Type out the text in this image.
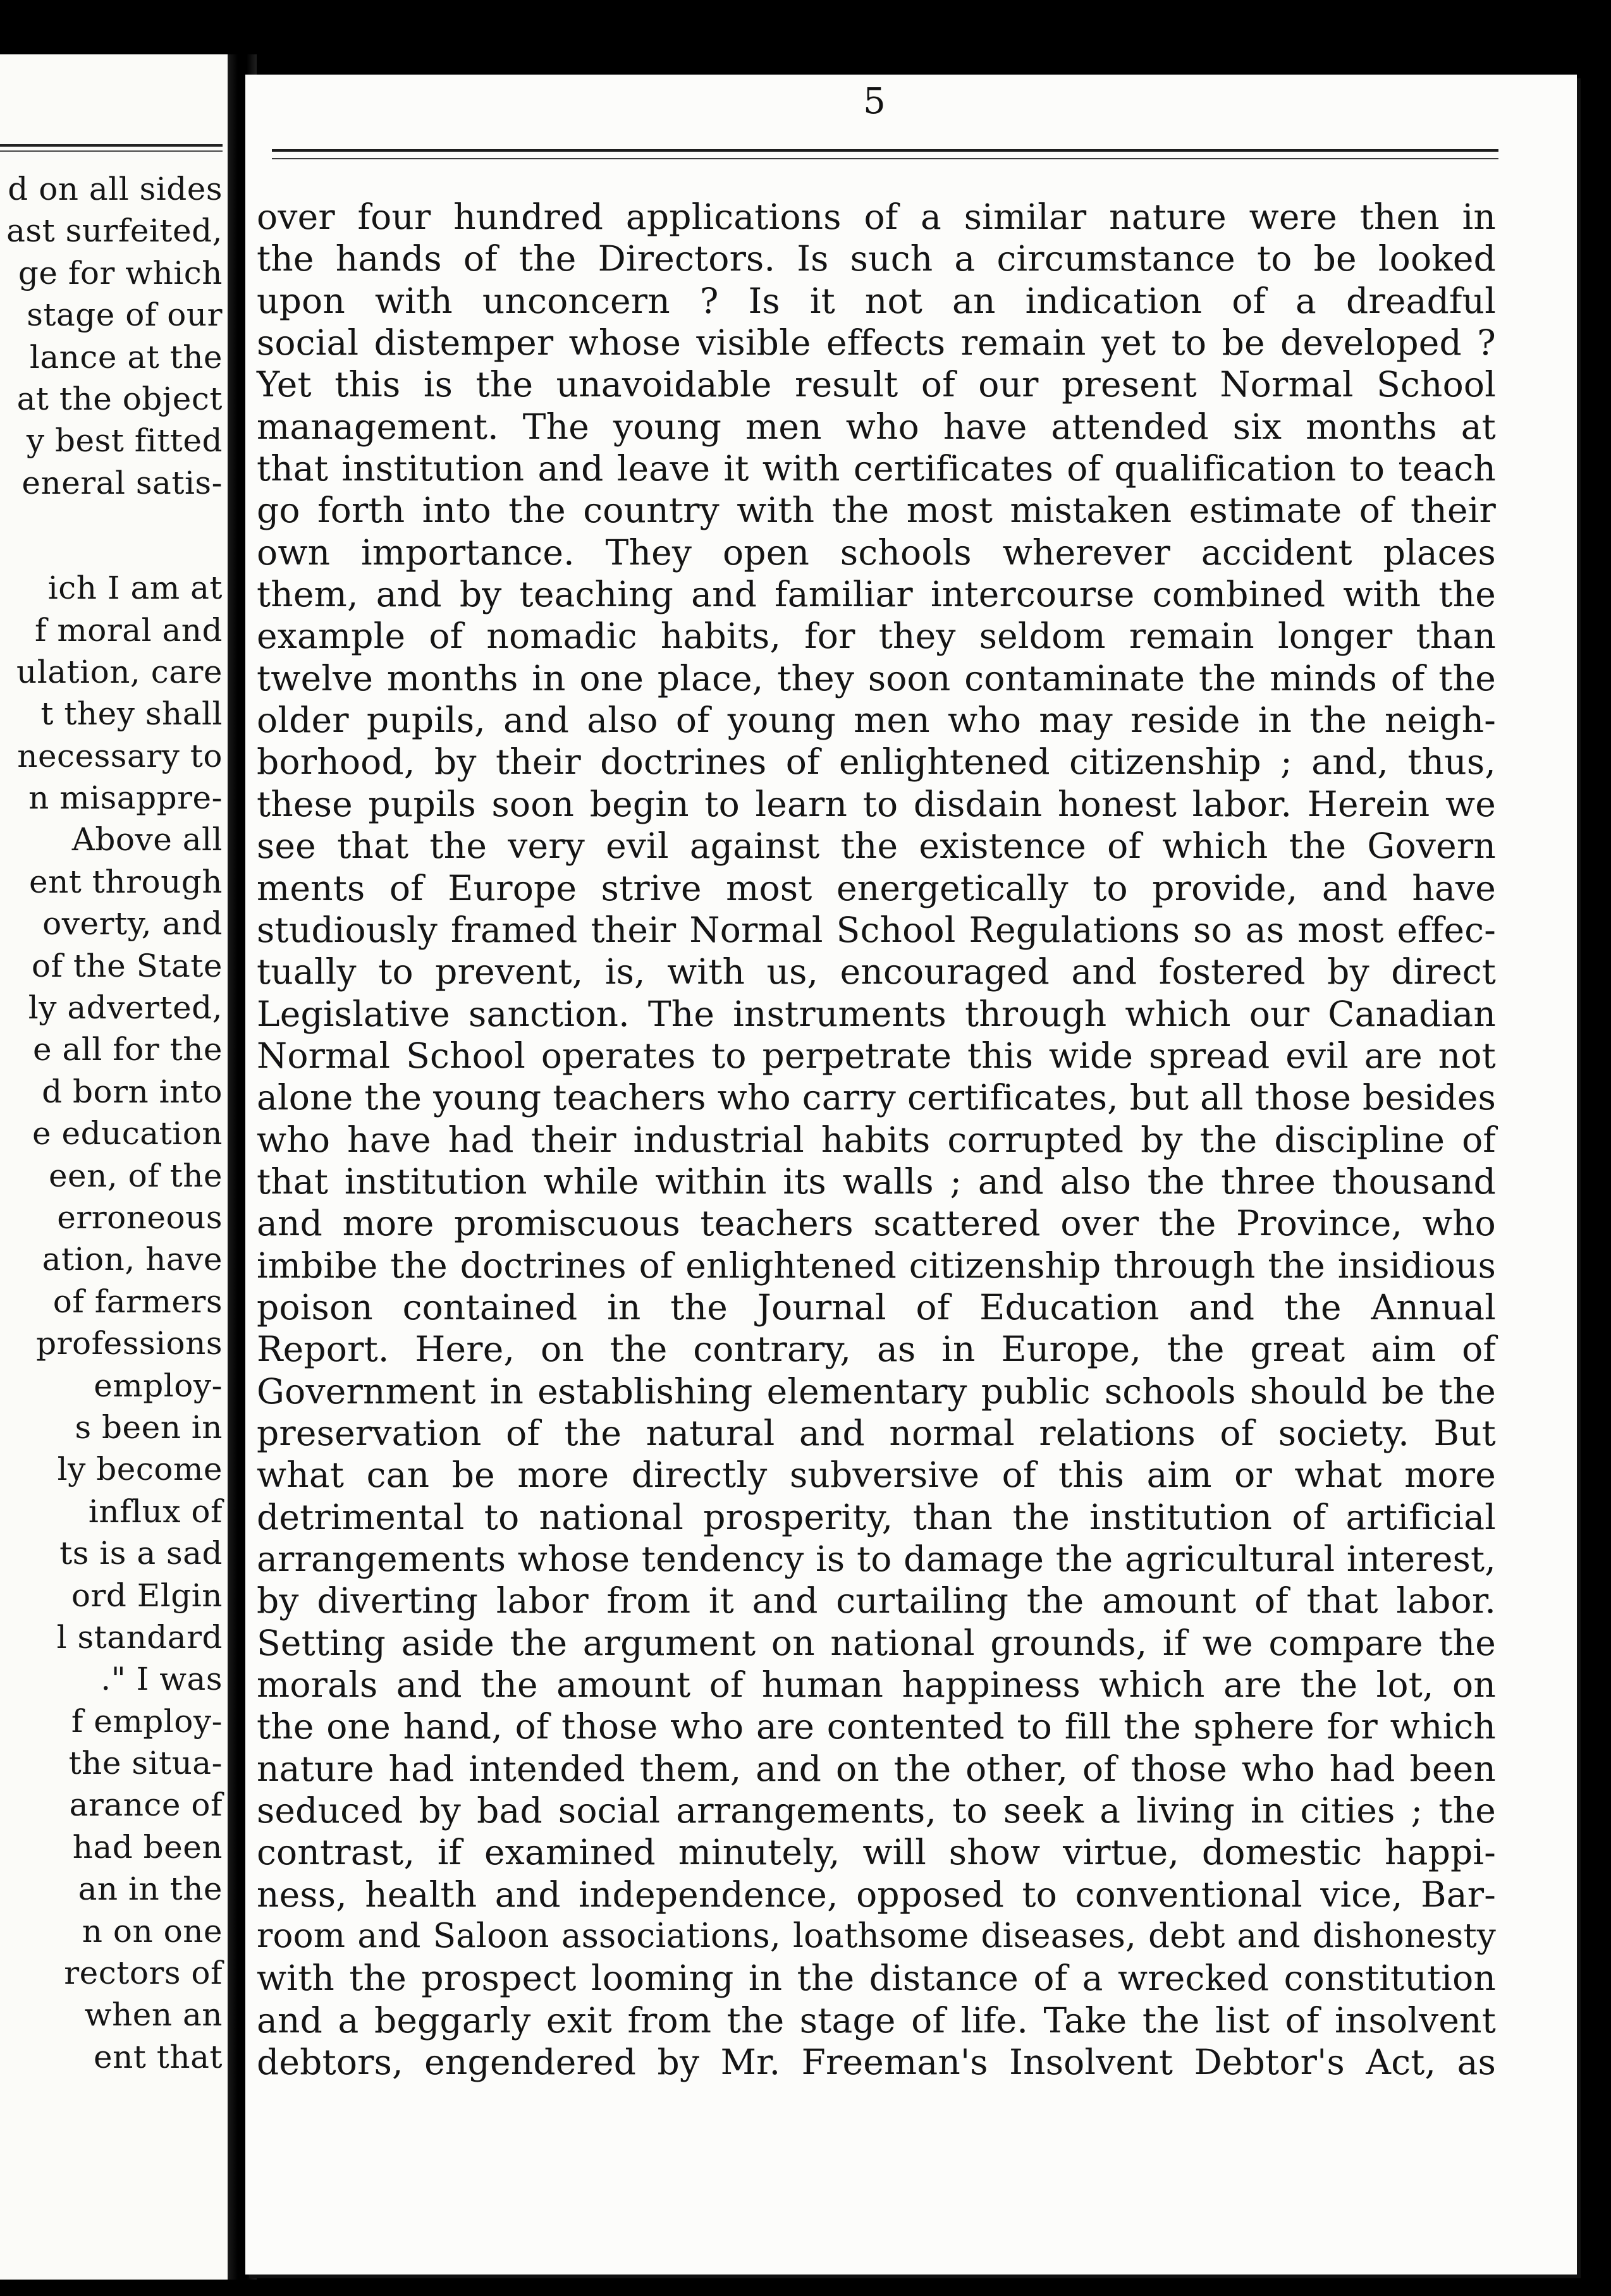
d on all sides
ast surfeited,
ge for which
stage of our
lance at the
at the object
y best fitted
eneral satis-
ich I am at
f moral and
ulation, care
t they shall
necessary to
n misappre-
Above all
ent through
overty, and
of the State
ly adverted,
e all for the
d born into
e education
een, of the
erroneous
ation, have
of farmers
professions
employ-
s been in
ly become
influx of
ts is a sad
ord Elgin
l standard
." I was
f employ-
the situa-
arance of
had been
an in the
n on one
rectors of
when an
ent that
5
over four hundred applications of a similar nature were then in
the hands of the Directors. Is such a circumstance to be looked
upon with unconcern ? Is it not an indication of a dreadful
social distemper whose visible effects remain yet to be developed ?
Yet this is the unavoidable result of our present Normal School
management. The young men who have attended six months at
that institution and leave it with certificates of qualification to teach
go forth into the country with the most mistaken estimate of their
own importance. They open schools wherever accident places
them, and by teaching and familiar intercourse combined with the
example of nomadic habits, for they seldom remain longer than
twelve months in one place, they soon contaminate the minds of the
older pupils, and also of young men who may reside in the neigh-
borhood, by their doctrines of enlightened citizenship ; and, thus,
these pupils soon begin to learn to disdain honest labor. Herein we
see that the very evil against the existence of which the Govern
ments of Europe strive most energetically to provide, and have
studiously framed their Normal School Regulations so as most effec-
tually to prevent, is, with us, encouraged and fostered by direct
Legislative sanction. The instruments through which our Canadian
Normal School operates to perpetrate this wide spread evil are not
alone the young teachers who carry certificates, but all those besides
who have had their industrial habits corrupted by the discipline of
that institution while within its walls ; and also the three thousand
and more promiscuous teachers scattered over the Province, who
imbibe the doctrines of enlightened citizenship through the insidious
poison contained in the Journal of Education and the Annual
Report. Here, on the contrary, as in Europe, the great aim of
Government in establishing elementary public schools should be the
preservation of the natural and normal relations of society. But
what can be more directly subversive of this aim or what more
detrimental to national prosperity, than the institution of artificial
arrangements whose tendency is to damage the agricultural interest,
by diverting labor from it and curtailing the amount of that labor.
Setting aside the argument on national grounds, if we compare the
morals and the amount of human happiness which are the lot, on
the one hand, of those who are contented to fill the sphere for which
nature had intended them, and on the other, of those who had been
seduced by bad social arrangements, to seek a living in cities ; the
contrast, if examined minutely, will show virtue, domestic happi-
ness, health and independence, opposed to conventional vice, Bar-
room and Saloon associations, loathsome diseases, debt and dishonesty
with the prospect looming in the distance of a wrecked constitution
and a beggarly exit from the stage of life. Take the list of insolvent
debtors, engendered by Mr. Freeman's Insolvent Debtor's Act, as
